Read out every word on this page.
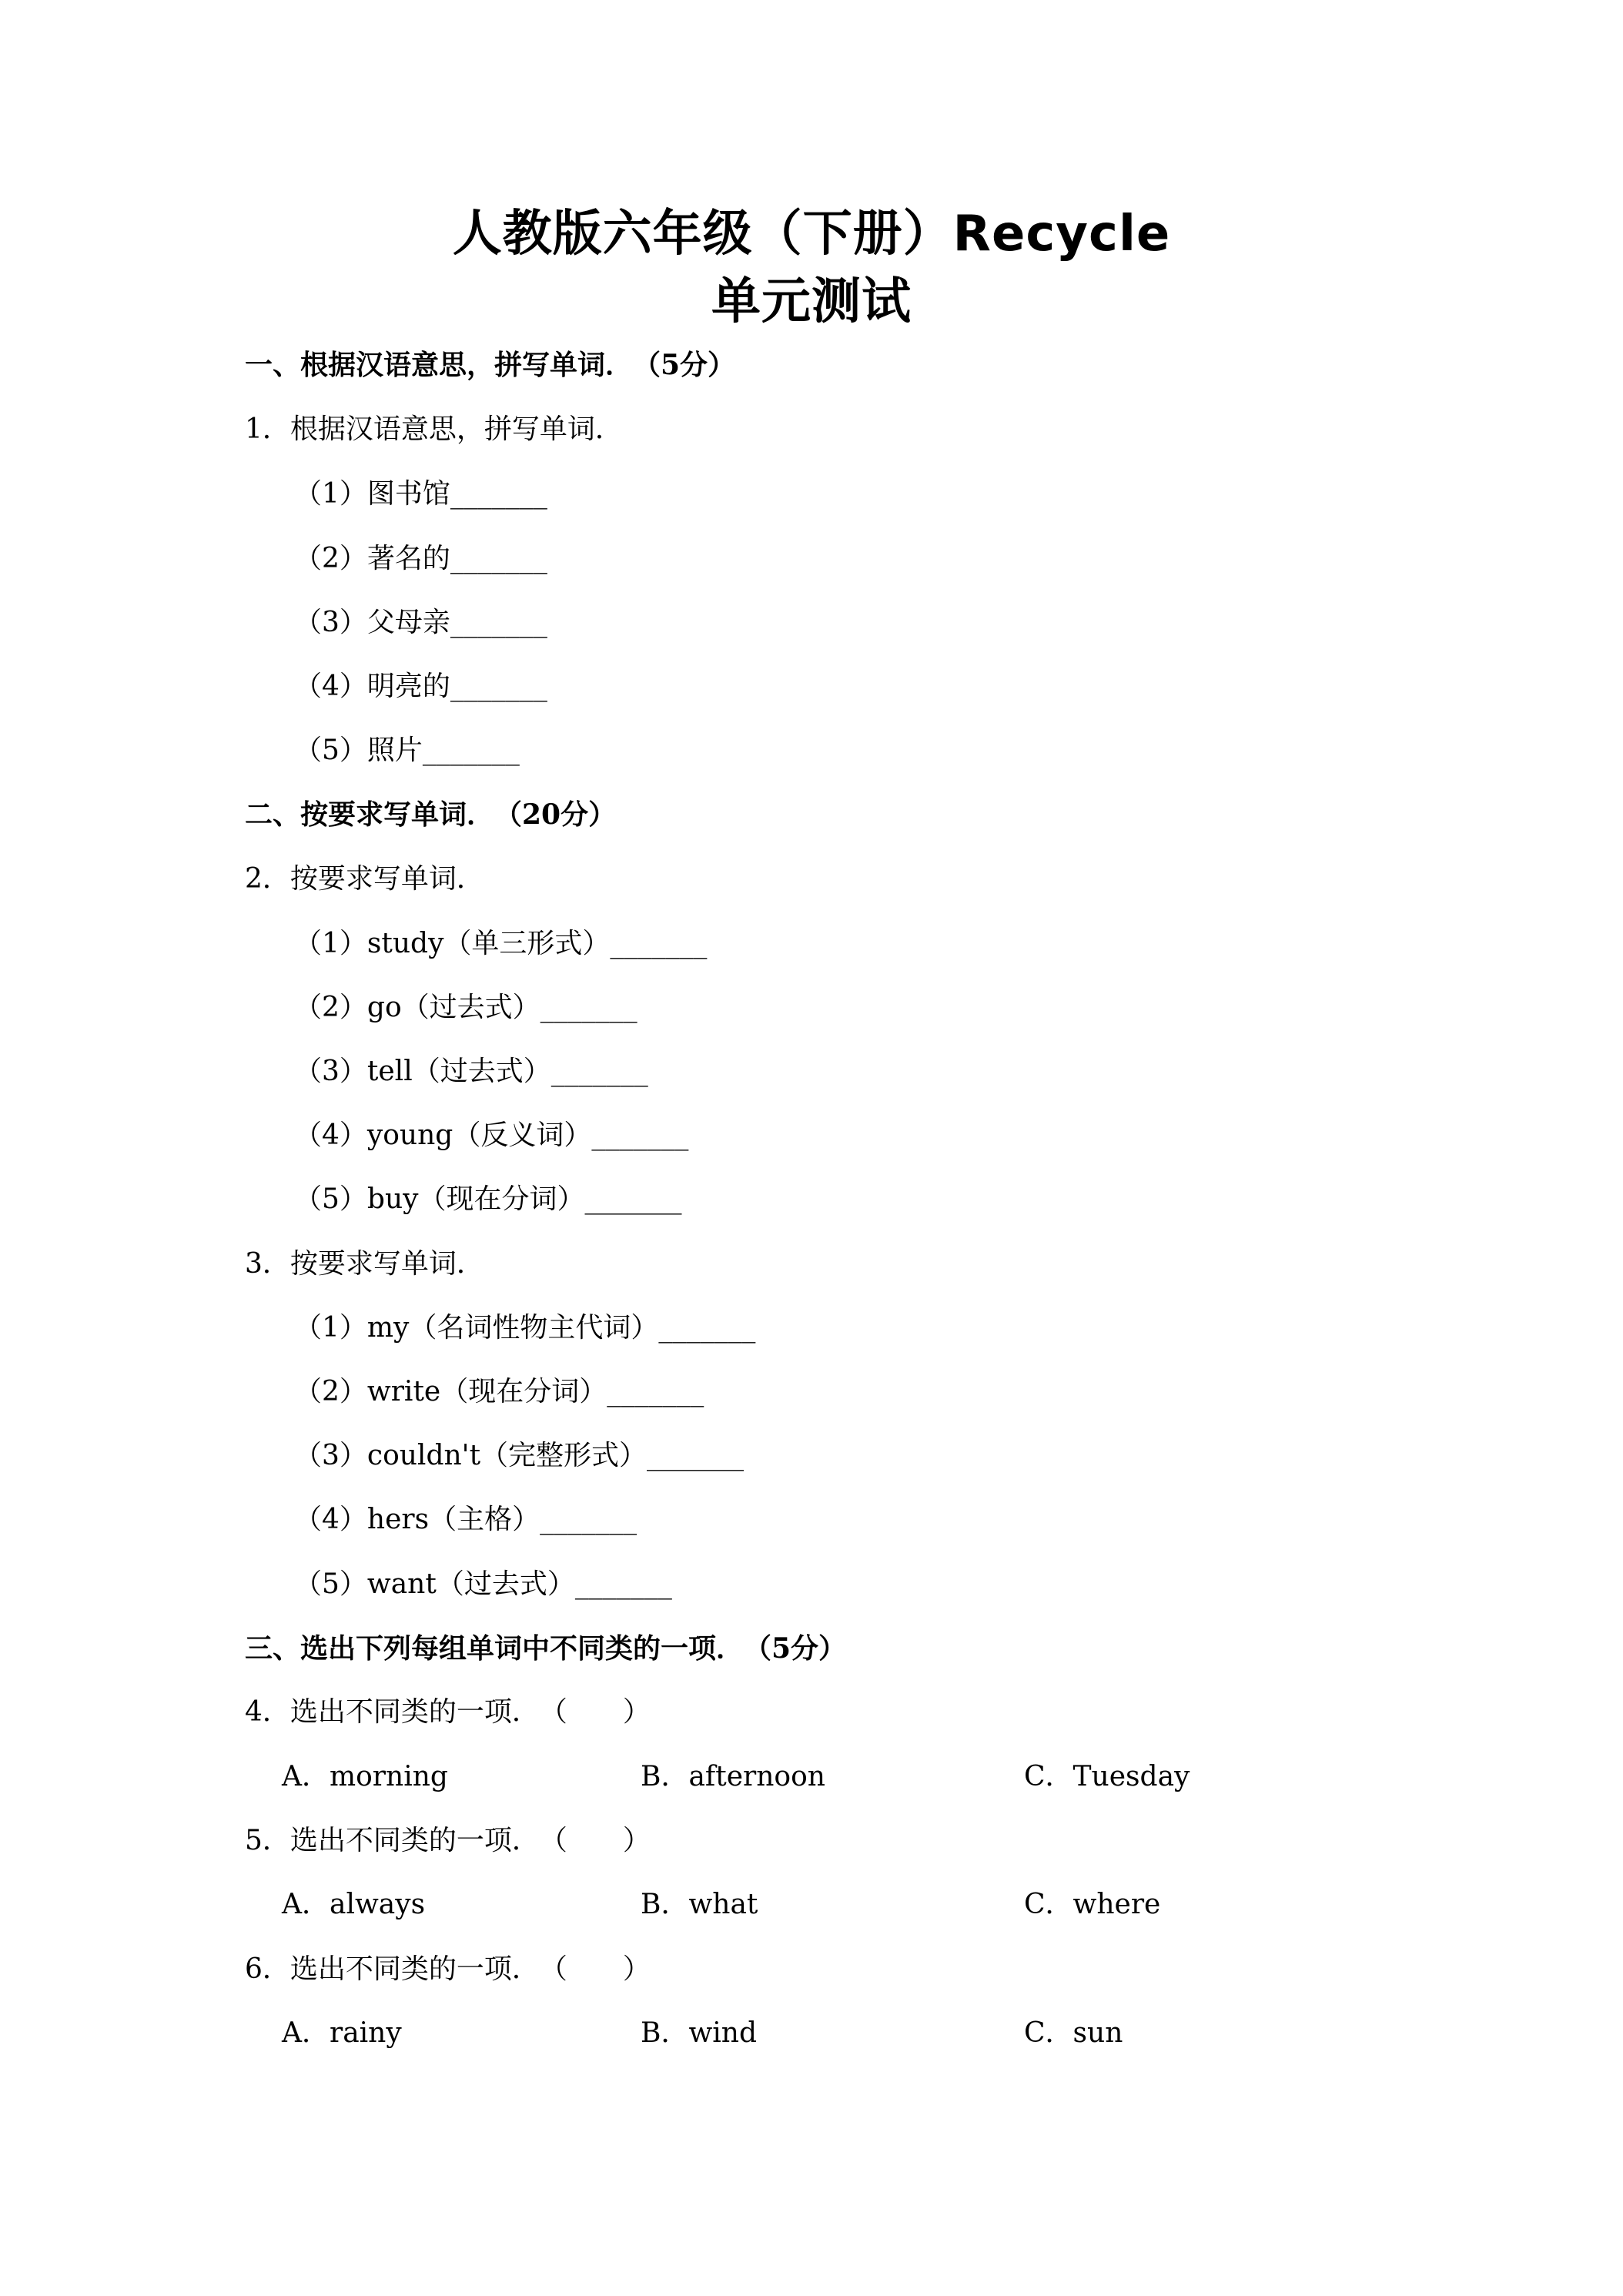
人教版六年级（下册）Recycle
单元测试
一、根据汉语意思，拼写单词．　（5分）
1．根据汉语意思，拼写单词．
（1）图书馆_______
（2）著名的_______
（3）父母亲_______
（4）明亮的_______
（5）照片_______
二、按要求写单词．　（20分）
2．按要求写单词．
（1）study（单三形式）_______
（2）go（过去式）_______
（3）tell（过去式）_______
（4）young（反义词）_______
（5）buy（现在分词）_______
3．按要求写单词．
（1）my（名词性物主代词）_______
（2）write（现在分词）_______
（3）couldn't（完整形式）_______
（4）hers（主格）_______
（5）want（过去式）_______
三、选出下列每组单词中不同类的一项．　（5分）
4．选出不同类的一项．　（　　）
A．morning	B．afternoon	C．Tuesday
5．选出不同类的一项．　（　　）
A．always	B．what	C．where
6．选出不同类的一项．　（　　）
A．rainy	B．wind	C．sun
